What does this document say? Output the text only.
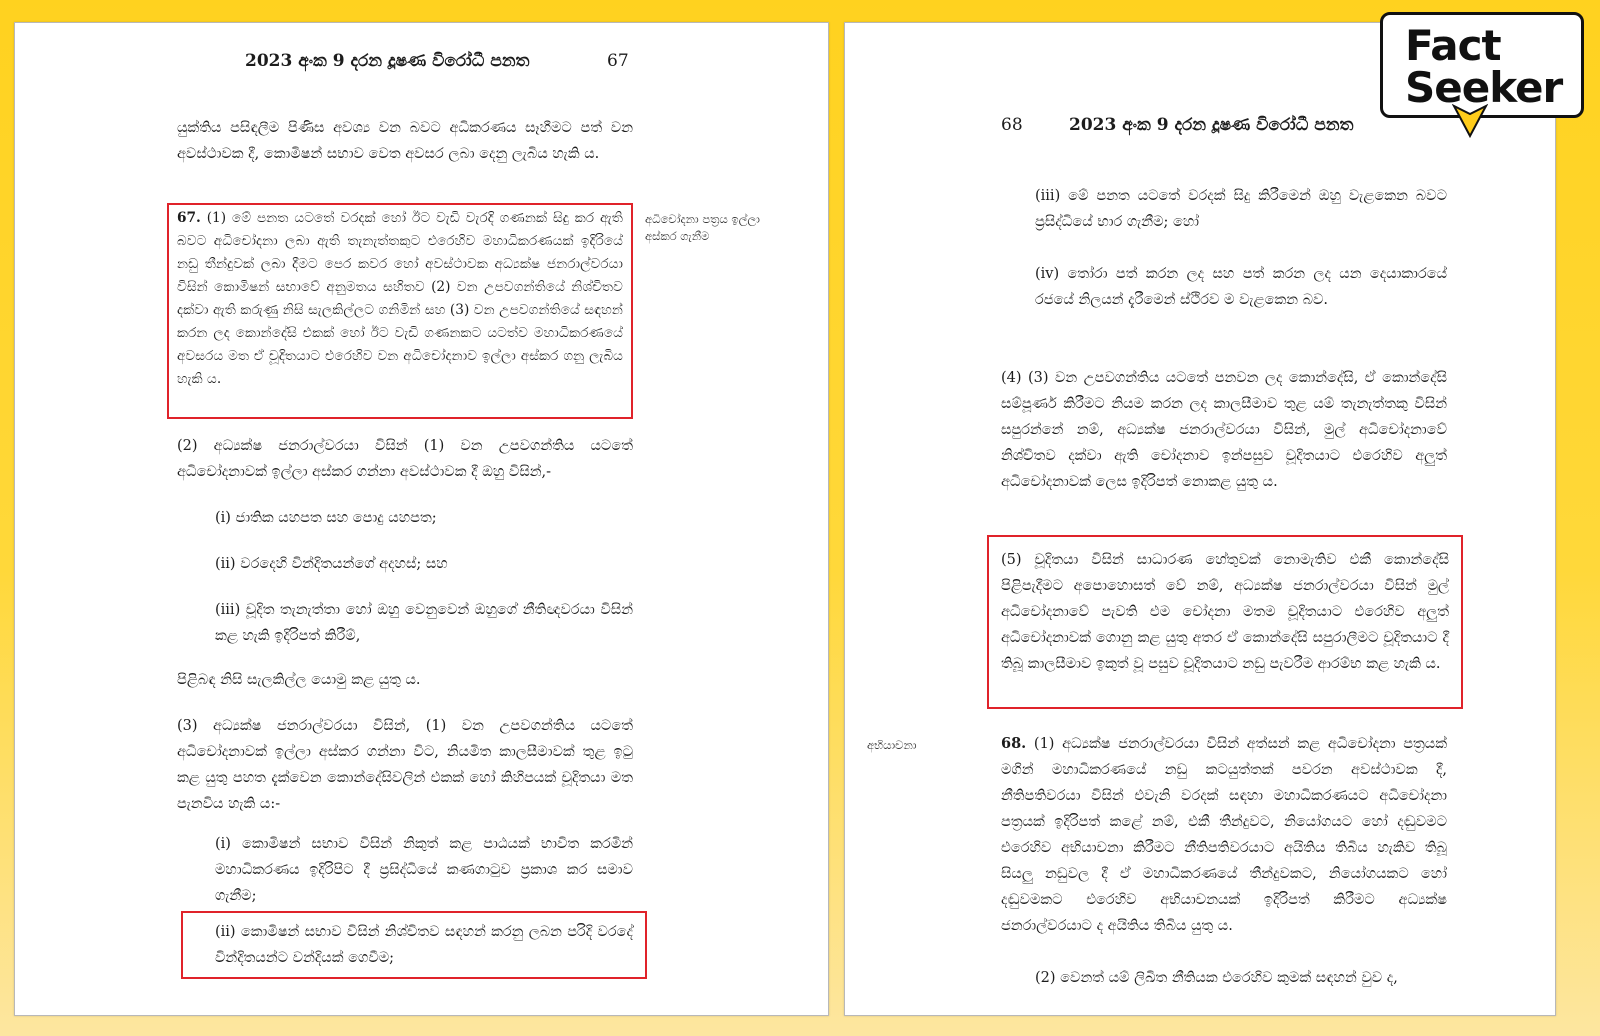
2023 අංක 9 දරන දූෂණ විරෝධී පනත	67
යුක්තිය පසිඳලීම පිණිස අවශ්‍ය වන බවට අධිකරණය සෑහීමට පත් වන අවස්ථාවක දී, කොමිෂන් සභාව වෙත අවසර ලබා දෙනු ලැබිය හැකි ය.
67. (1) මේ පනත යටතේ වරදක් හෝ ඊට වැඩි වැරදි ගණනක් සිදු කර ඇති බවට අධිචෝදනා ලබා ඇති තැනැත්තකුට එරෙහිව මහාධිකරණයක් ඉදිරියේ නඩු තීන්දුවක් ලබා දීමට පෙර කවර හෝ අවස්ථාවක අධ්‍යක්ෂ ජනරාල්වරයා විසින් කොමිෂන් සභාවේ අනුමතය සහිතව (2) වන උපවගන්තියේ නිශ්චිතව දක්වා ඇති කරුණු නිසි සැලකිල්ලට ගනිමින් සහ (3) වන උපවගන්තියේ සඳහන් කරන ලද කොන්දේසි එකක් හෝ ඊට වැඩි ගණනකට යටත්ව මහාධිකරණයේ අවසරය මත ඒ චූදිතයාට එරෙහිව වන අධිචෝදනාව ඉල්ලා අස්කර ගනු ලැබිය හැකි ය.
අධිචෝදනා පත්‍රය ඉල්ලා අස්කර ගැනීම
(2) අධ්‍යක්ෂ ජනරාල්වරයා විසින් (1) වන උපවගන්තිය යටතේ අධිචෝදනාවක් ඉල්ලා අස්කර ගන්නා අවස්ථාවක දී ඔහු විසින්,-
(i) ජාතික යහපත සහ පොදු යහපත;
(ii) වරදෙහි වින්දිතයන්ගේ අදහස්; සහ
(iii) චූදිත තැනැත්තා හෝ ඔහු වෙනුවෙන් ඔහුගේ නීතිඥවරයා විසින් කළ හැකි ඉදිරිපත් කිරීම්,
පිළිබඳ නිසි සැලකිල්ල යොමු කළ යුතු ය.
(3) අධ්‍යක්ෂ ජනරාල්වරයා විසින්, (1) වන උපවගන්තිය යටතේ අධිචෝදනාවක් ඉල්ලා අස්කර ගන්නා විට, නියමිත කාලසීමාවක් තුළ ඉටු කළ යුතු පහත දැක්වෙන කොන්දේසිවලින් එකක් හෝ කිහිපයක් චූදිතයා මත පැනවිය හැකි ය:-
(i) කොමිෂන් සභාව විසින් නිකුත් කළ පාඨයක් භාවිත කරමින් මහාධිකරණය ඉදිරිපිට දී ප්‍රසිද්ධියේ කණගාටුව ප්‍රකාශ කර සමාව ගැනීම;
(ii) කොමිෂන් සභාව විසින් නිශ්චිතව සඳහන් කරනු ලබන පරිදි වරදේ වින්දිතයන්ට වන්දියක් ගෙවීම;
68	2023 අංක 9 දරන දූෂණ විරෝධී පනත
(iii) මේ පනත යටතේ වරදක් සිදු කිරීමෙන් ඔහු වැළකෙන බවට ප්‍රසිද්ධියේ භාර ගැනීම; හෝ
(iv) තෝරා පත් කරන ලද සහ පත් කරන ලද යන දෙයාකාරයේ රජයේ නිලයන් දැරීමෙන් ස්ථිරව ම වැළකෙන බව.
(4) (3) වන උපවගන්තිය යටතේ පනවන ලද කොන්දේසි, ඒ කොන්දේසි සම්පූර්ණ කිරීමට නියම කරන ලද කාලසීමාව තුළ යම් තැනැත්තකු විසින් සපුරන්නේ නම්, අධ්‍යක්ෂ ජනරාල්වරයා විසින්, මුල් අධිචෝදනාවේ නිශ්චිතව දක්වා ඇති චෝදනාව ඉන්පසුව චූදිතයාට එරෙහිව අලුත් අධිචෝදනාවක් ලෙස ඉදිරිපත් නොකළ යුතු ය.
(5) චූදිතයා විසින් සාධාරණ හේතුවක් නොමැතිව එකී කොන්දේසි පිළිපැදීමට අපොහොසත් වේ නම්, අධ්‍යක්ෂ ජනරාල්වරයා විසින් මුල් අධිචෝදනාවේ පැවති එම චෝදනා මතම චූදිතයාට එරෙහිව අලුත් අධිචෝදනාවක් ගොනු කළ යුතු අතර ඒ කොන්දේසි සපුරාලීමට චූදිතයාට දී තිබූ කාලසීමාව ඉකුත් වූ පසුව චූදිතයාට නඩු පැවරීම ආරම්භ කළ හැකි ය.
අභියාචනා	68. (1) අධ්‍යක්ෂ ජනරාල්වරයා විසින් අත්සන් කළ අධිචෝදනා පත්‍රයක් මගින් මහාධිකරණයේ නඩු කටයුත්තක් පවරන අවස්ථාවක දී, නීතිපතිවරයා විසින් එවැනි වරදක් සඳහා මහාධිකරණයට අධිචෝදනා පත්‍රයක් ඉදිරිපත් කළේ නම්, එකී තීන්දුවට, නියෝගයට හෝ දඬුවමට එරෙහිව අභියාචනා කිරීමට නීතිපතිවරයාට අයිතිය තිබිය හැකිව තිබූ සියලු නඩුවල දී ඒ මහාධිකරණයේ තීන්දුවකට, නියෝගයකට හෝ දඬුවමකට එරෙහිව අභියාචනයක් ඉදිරිපත් කිරීමට අධ්‍යක්ෂ ජනරාල්වරයාට ද අයිතිය තිබිය යුතු ය.
(2) වෙනත් යම් ලිඛිත නීතියක එරෙහිව කුමක් සඳහන් වුව ද,
Fact
Seeker
